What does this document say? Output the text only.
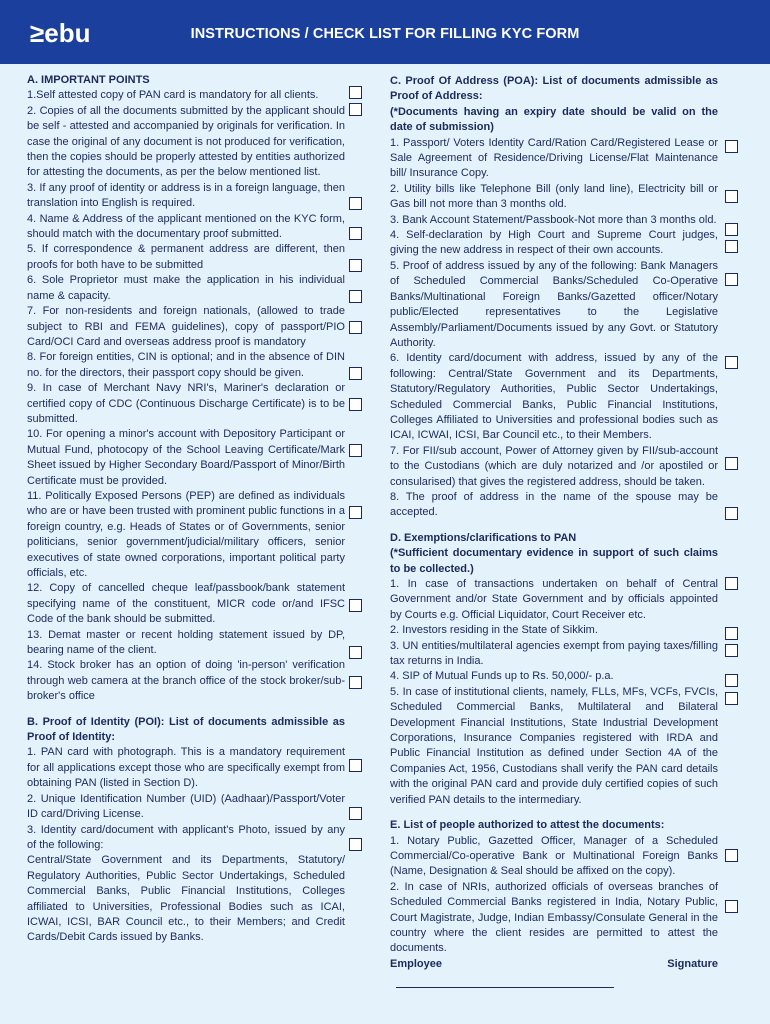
≥ebu	INSTRUCTIONS / CHECK LIST FOR FILLING KYC FORM

A. IMPORTANT POINTS

1.Self attested copy of PAN card is mandatory for all clients.

2. Copies of all the documents submitted by the applicant should be self - attested and accompanied by originals for verification. In case the original of any document is not produced for verification, then the copies should be properly attested by entities authorized for attesting the documents, as per the below mentioned list.

3. If any proof of identity or address is in a foreign language, then translation into English is required.

4. Name & Address of the applicant mentioned on the KYC form, should match with the documentary proof submitted.

5. If correspondence & permanent address are different, then proofs for both have to be submitted

6. Sole Proprietor must make the application in his individual name & capacity.

7. For non-residents and foreign nationals, (allowed to trade subject to RBI and FEMA guidelines), copy of passport/PIO Card/OCI Card and overseas address proof is mandatory

8. For foreign entities, CIN is optional; and in the absence of DIN no. for the directors, their passport copy should be given.

9. In case of Merchant Navy NRI's, Mariner's declaration or certified copy of CDC (Continuous Discharge Certificate) is to be submitted.

10. For opening a minor's account with Depository Participant or Mutual Fund, photocopy of the School Leaving Certificate/Mark Sheet issued by Higher Secondary Board/Passport of Minor/Birth Certificate must be provided.

11. Politically Exposed Persons (PEP) are defined as individuals who are or have been trusted with prominent public functions in a foreign country, e.g. Heads of States or of Governments, senior politicians, senior government/judicial/military officers, senior executives of state owned corporations, important political party officials, etc.

12. Copy of cancelled cheque leaf/passbook/bank statement specifying name of the constituent, MICR code or/and IFSC Code of the bank should be submitted.

13. Demat master or recent holding statement issued by DP, bearing name of the client.

14. Stock broker has an option of doing 'in-person' verification through web camera at the branch office of the stock broker/sub-broker's office

B. Proof of Identity (POI): List of documents admissible as Proof of Identity:

1. PAN card with photograph. This is a mandatory requirement for all applications except those who are specifically exempt from obtaining PAN (listed in Section D).

2. Unique Identification Number (UID) (Aadhaar)/Passport/Voter ID card/Driving License.

3. Identity card/document with applicant's Photo, issued by any of the following:

Central/State Government and its Departments, Statutory/ Regulatory Authorities, Public Sector Undertakings, Scheduled Commercial Banks, Public Financial Institutions, Colleges affiliated to Universities, Professional Bodies such as ICAI, ICWAI, ICSI, BAR Council etc., to their Members; and Credit Cards/Debit Cards issued by Banks.

C. Proof Of Address (POA): List of documents admissible as Proof of Address:

(*Documents having an expiry date should be valid on the date of submission)

1. Passport/ Voters Identity Card/Ration Card/Registered Lease or Sale Agreement of Residence/Driving License/Flat Maintenance bill/ Insurance Copy.

2. Utility bills like Telephone Bill (only land line), Electricity bill or Gas bill not more than 3 months old.

3. Bank Account Statement/Passbook-Not more than 3 months old.

4. Self-declaration by High Court and Supreme Court judges, giving the new address in respect of their own accounts.

5. Proof of address issued by any of the following: Bank Managers of Scheduled Commercial Banks/Scheduled Co-Operative Banks/Multinational Foreign Banks/Gazetted officer/Notary public/Elected representatives to the Legislative Assembly/Parliament/Documents issued by any Govt. or Statutory Authority.

6. Identity card/document with address, issued by any of the following: Central/State Government and its Departments, Statutory/Regulatory Authorities, Public Sector Undertakings, Scheduled Commercial Banks, Public Financial Institutions, Colleges Affiliated to Universities and professional bodies such as ICAI, ICWAI, ICSI, Bar Council etc., to their Members.

7. For FII/sub account, Power of Attorney given by FII/sub-account to the Custodians (which are duly notarized and /or apostiled or consularised) that gives the registered address, should be taken.

8. The proof of address in the name of the spouse may be accepted.

D. Exemptions/clarifications to PAN

(*Sufficient documentary evidence in support of such claims to be collected.)

1. In case of transactions undertaken on behalf of Central Government and/or State Government and by officials appointed by Courts e.g. Official Liquidator, Court Receiver etc.

2. Investors residing in the State of Sikkim.

3. UN entities/multilateral agencies exempt from paying taxes/filling tax returns in India.

4. SIP of Mutual Funds up to Rs. 50,000/- p.a.

5. In case of institutional clients, namely, FLLs, MFs, VCFs, FVCIs, Scheduled Commercial Banks, Multilateral and Bilateral Development Financial Institutions, State Industrial Development Corporations, Insurance Companies registered with IRDA and Public Financial Institution as defined under Section 4A of the Companies Act, 1956, Custodians shall verify the PAN card details with the original PAN card and provide duly certified copies of such verified PAN details to the intermediary.

E. List of people authorized to attest the documents:

1. Notary Public, Gazetted Officer, Manager of a Scheduled Commercial/Co-operative Bank or Multinational Foreign Banks (Name, Designation & Seal should be affixed on the copy).

2. In case of NRIs, authorized officials of overseas branches of Scheduled Commercial Banks registered in India, Notary Public, Court Magistrate, Judge, Indian Embassy/Consulate General in the country where the client resides are permitted to attest the documents.

Employee Signature
